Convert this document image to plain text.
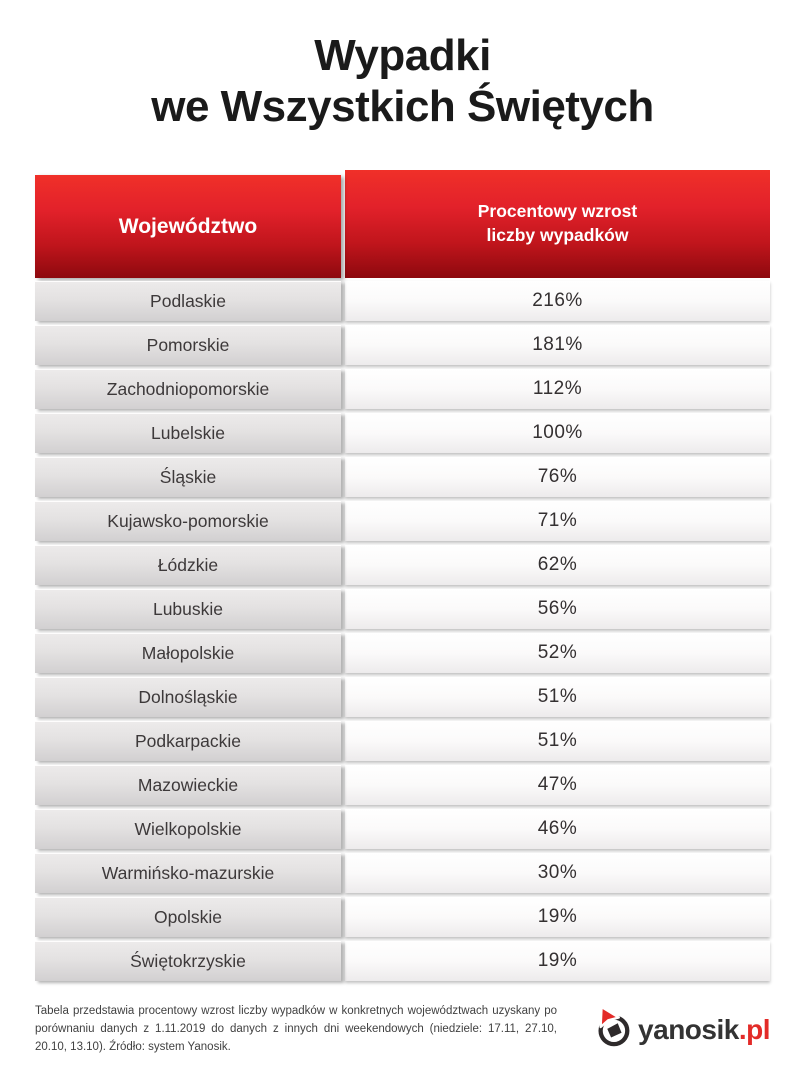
Wypadki
we Wszystkich Świętych
Województwo
Procentowy wzrost
liczby wypadków
Podlaskie	216%
Pomorskie	181%
Zachodniopomorskie	112%
Lubelskie	100%
Śląskie	76%
Kujawsko-pomorskie	71%
Łódzkie	62%
Lubuskie	56%
Małopolskie	52%
Dolnośląskie	51%
Podkarpackie	51%
Mazowieckie	47%
Wielkopolskie	46%
Warmińsko-mazurskie	30%
Opolskie	19%
Świętokrzyskie	19%
Tabela przedstawia procentowy wzrost liczby wypadków w konkretnych województwach uzyskany po porównaniu danych z 1.11.2019 do danych z innych dni weekendowych (niedziele: 17.11, 27.10, 20.10, 13.10). Źródło: system Yanosik.
yanosik.pl
